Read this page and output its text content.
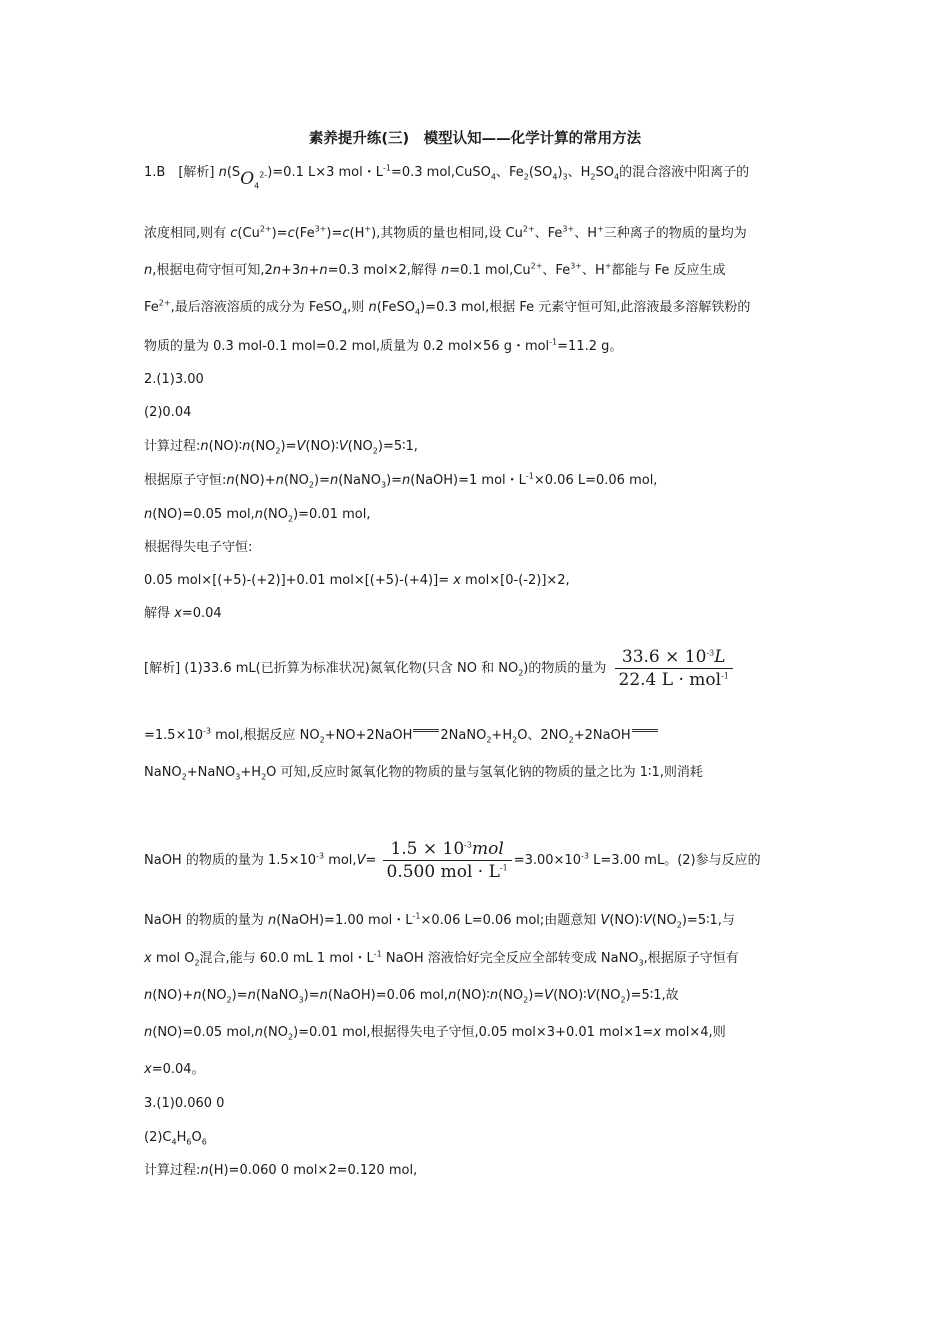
素养提升练(三)　模型认知——化学计算的常用方法
1.B　[解析] $n(SO_4^{2-})=0.1$ L×3 mol・$L^{-1}=0.3$ mol,CuSO$_4$、$Fe_2(SO_4)_3$、$H_2SO_4$的混合溶液中阳离子的
浓度相同,则有 $c(Cu^{2+})=c(Fe^{3+})=c(H^+)$,其物质的量也相同,设 $Cu^{2+}$、$Fe^{3+}$、H+三种离子的物质的量均为
n,根据电荷守恒可知,2n+3n+n=0.3 mol×2,解得 n=0.1 $mol,Cu^{2+}$、$Fe^{3+}$、H+都能与 Fe 反应生成
$Fe^{2+}$,最后溶液溶质的成分为 FeSO$_4$,则 n(FeSO$_4$)=0.3 mol,根据 Fe 元素守恒可知,此溶液最多溶解铁粉的
物质的量为 0.3 mol-0.1 mol=0.2 mol,质量为 0.2 mol×56 g・mol$^{-1}$=11.2 g。
2.(1)3.00
(2)0.04
计算过程$:n(NO)∶n(NO_2)=V(NO)∶V(NO_2)=5∶1$,
根据原子守恒$:n(NO)+n(NO_2)=n(NaNO_3)=n(NaOH)=1$ mol・$L^{-1}\times 0.06$ L=0.06 mol,
n(NO)=0.05 $mol,n(NO_2)=0.01$ mol,
根据得失电子守恒:
0.05 mol×[(+5)-(+2)]+0.01 mol×[(+5)-(+4)]= x mol×[0-(-2)]×2,
解得 x=0.04
[解析] (1)33.6 mL(已折算为标准状况)氮氧化物(只含 NO 和 $NO_2$)的物质的量为 $\frac{33.6 \times 10^{-3}L}{22.4 L \cdot mol^{-1}}$
$=1.5\times 10^{-3}$ mol,根据反应 $NO_2+NO+2NaOH$ $2NaNO_2+H_2O$、$2NO_2+2NaOH$
$NaNO_2+NaNO_3+H_2O$ 可知,反应时氮氧化物的物质的量与氢氧化钠的物质的量之比为 1∶1,则消耗
NaOH 的物质的量为 $1.5\times 10^{-3}$ $mol,V= \frac{1.5 \times 10^{-3}mol}{0.500 mol \cdot L^{-1}} =3.00\times 10^{-3}$ L=3.00 mL。(2)参与反应的
NaOH 的物质的量为 n(NaOH)=1.00 mol・$L^{-1}\times 0.06$ L=0.06 mol;由题意知 $V(NO)∶V(NO_2)=5∶1$,与
x mol $O_2$混合,能与 60.0 mL 1 mol・$L^{-1}$ NaOH 溶液恰好完全反应全部转变成 NaNO$_3$,根据原子守恒有
$n(NO)+n(NO_2)=n(NaNO_3)=n(NaOH)=0.06$ $mol,n(NO)∶n(NO_2)=V(NO)∶V(NO_2)=5∶1$,故
n(NO)=0.05 $mol,n(NO_2)=0.01$ mol,根据得失电子守恒,0.05 mol×3+0.01 mol×1=x mol×4,则
x=0.04。
3.(1)0.060 0
$(2)C_4H_6O_6$
计算过程:n(H)=0.060 0 mol×2=0.120 mol,
